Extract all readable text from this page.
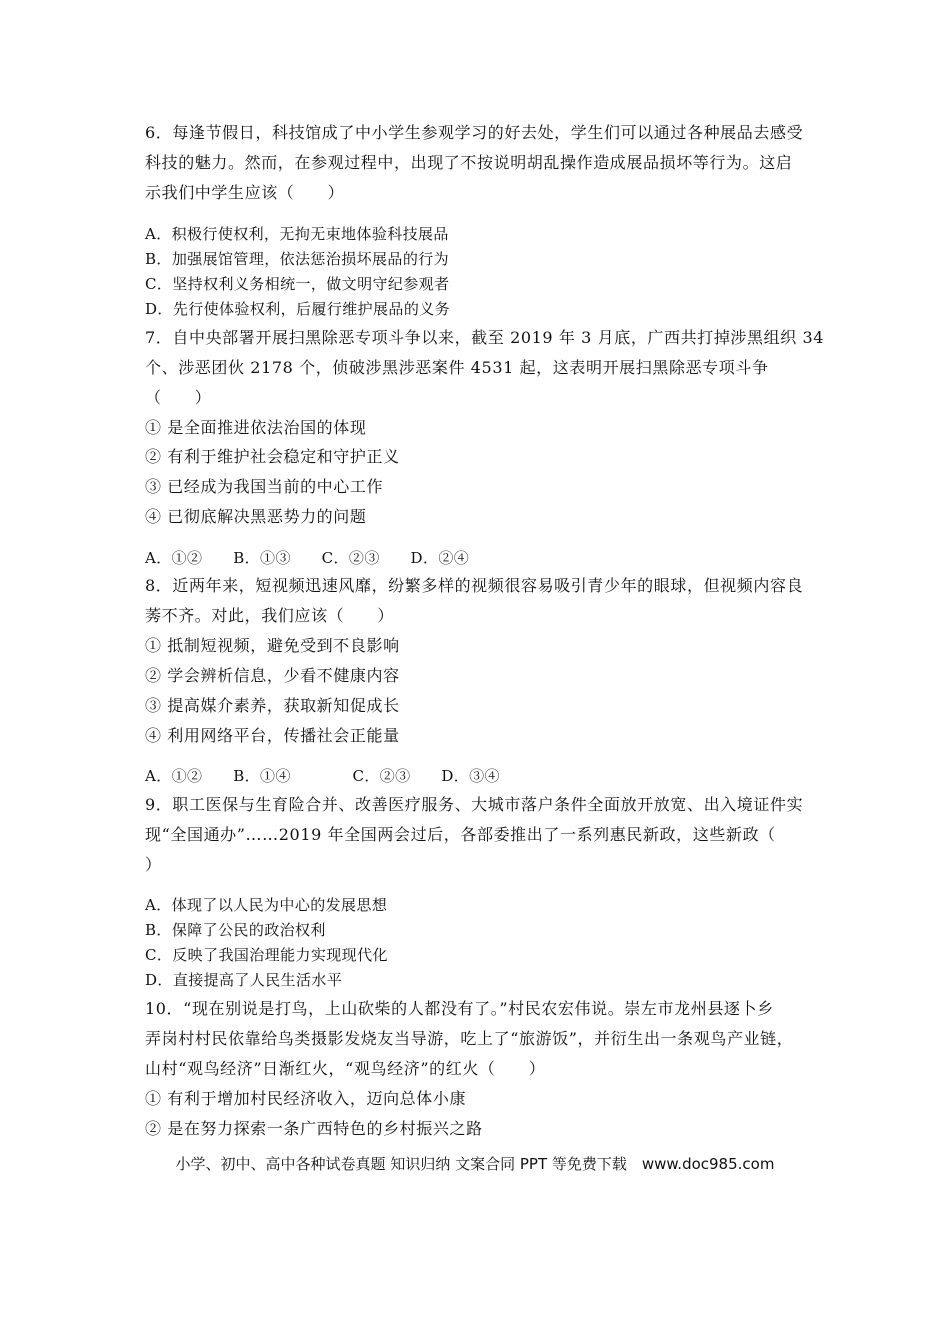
6．每逢节假日，科技馆成了中小学生参观学习的好去处，学生们可以通过各种展品去感受
科技的魅力。然而，在参观过程中，出现了不按说明胡乱操作造成展品损坏等行为。这启
示我们中学生应该（　　）
A．积极行使权利，无拘无束地体验科技展品
B．加强展馆管理，依法惩治损坏展品的行为
C．坚持权利义务相统一，做文明守纪参观者
D．先行使体验权利，后履行维护展品的义务
7．自中央部署开展扫黑除恶专项斗争以来，截至 2019 年 3 月底，广西共打掉涉黑组织 34
个、涉恶团伙 2178 个，侦破涉黑涉恶案件 4531 起，这表明开展扫黑除恶专项斗争
（　　）
① 是全面推进依法治国的体现
② 有利于维护社会稳定和守护正义
③ 已经成为我国当前的中心工作
④ 已彻底解决黑恶势力的问题
A．①②　　B．①③　　C．②③　　D．②④
8．近两年来，短视频迅速风靡，纷繁多样的视频很容易吸引青少年的眼球，但视频内容良
莠不齐。对此，我们应该（　　）
① 抵制短视频，避免受到不良影响
② 学会辨析信息，少看不健康内容
③ 提高媒介素养，获取新知促成长
④ 利用网络平台，传播社会正能量
A．①②　　B．①④　　　　C．②③　　D．③④
9．职工医保与生育险合并、改善医疗服务、大城市落户条件全面放开放宽、出入境证件实
现“全国通办”……2019 年全国两会过后，各部委推出了一系列惠民新政，这些新政（
）
A．体现了以人民为中心的发展思想
B．保障了公民的政治权利
C．反映了我国治理能力实现现代化
D．直接提高了人民生活水平
10．“现在别说是打鸟，上山砍柴的人都没有了。”村民农宏伟说。崇左市龙州县逐卜乡
弄岗村村民依靠给鸟类摄影发烧友当导游，吃上了“旅游饭”，并衍生出一条观鸟产业链，
山村“观鸟经济”日渐红火，“观鸟经济”的红火（　　）
① 有利于增加村民经济收入，迈向总体小康
② 是在努力探索一条广西特色的乡村振兴之路
小学、初中、高中各种试卷真题 知识归纳 文案合同 PPT 等免费下载　www.doc985.com
